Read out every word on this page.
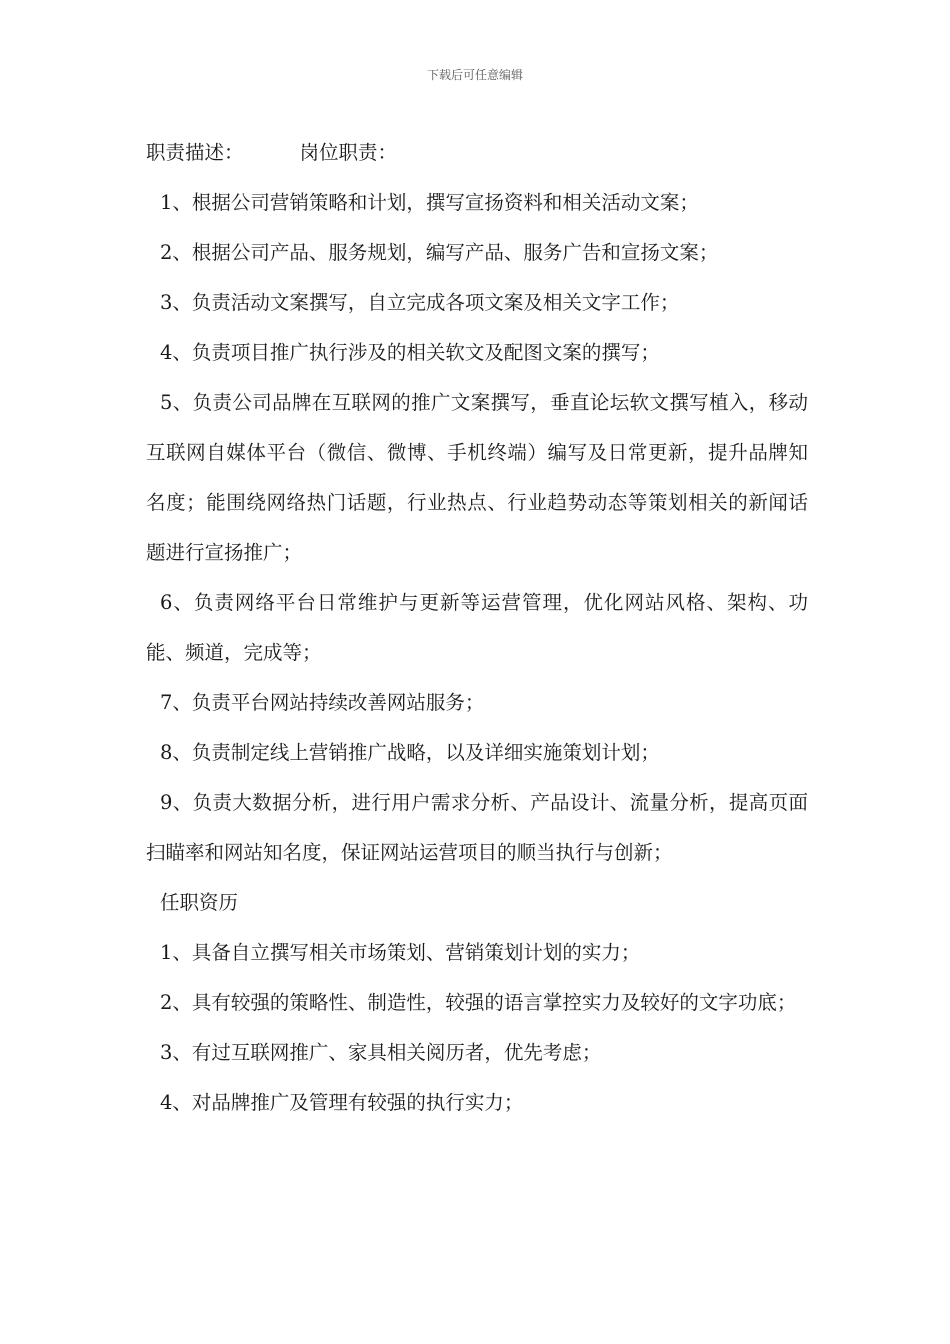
下载后可任意编辑

职责描述：	岗位职责：

1、根据公司营销策略和计划，撰写宣扬资料和相关活动文案；

2、根据公司产品、服务规划，编写产品、服务广告和宣扬文案；

3、负责活动文案撰写，自立完成各项文案及相关文字工作；

4、负责项目推广执行涉及的相关软文及配图文案的撰写；

5、负责公司品牌在互联网的推广文案撰写，垂直论坛软文撰写植入，移动互联网自媒体平台（微信、微博、手机终端）编写及日常更新，提升品牌知名度；能围绕网络热门话题，行业热点、行业趋势动态等策划相关的新闻话题进行宣扬推广；

6、负责网络平台日常维护与更新等运营管理，优化网站风格、架构、功能、频道，完成等；

7、负责平台网站持续改善网站服务；

8、负责制定线上营销推广战略，以及详细实施策划计划；

9、负责大数据分析，进行用户需求分析、产品设计、流量分析，提高页面扫瞄率和网站知名度，保证网站运营项目的顺当执行与创新；

任职资历

1、具备自立撰写相关市场策划、营销策划计划的实力；

2、具有较强的策略性、制造性，较强的语言掌控实力及较好的文字功底；

3、有过互联网推广、家具相关阅历者，优先考虑；

4、对品牌推广及管理有较强的执行实力；
